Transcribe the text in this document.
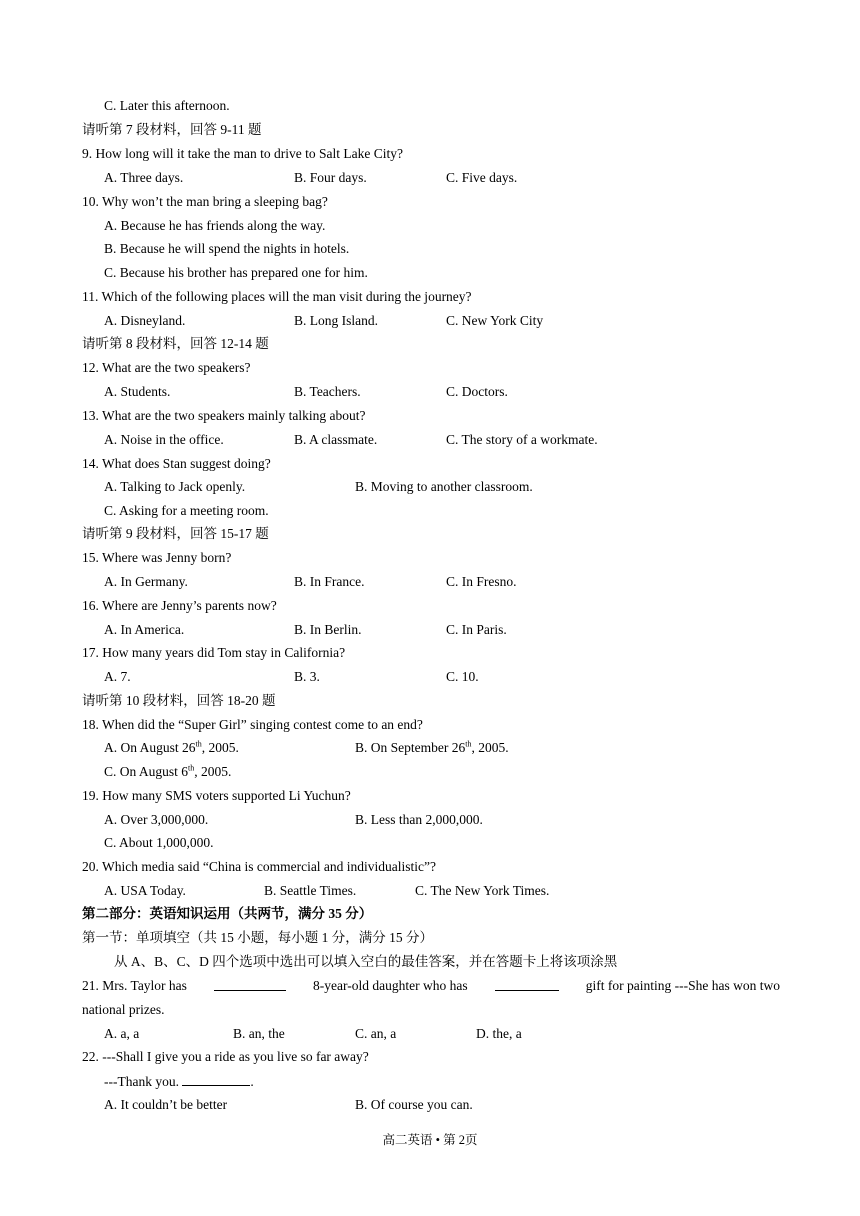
C. Later this afternoon.
请听第 7 段材料，回答 9-11 题
9. How long will it take the man to drive to Salt Lake City?
A. Three days.	B. Four days.	C. Five days.
10. Why won’t the man bring a sleeping bag?
A. Because he has friends along the way.
B. Because he will spend the nights in hotels.
C. Because his brother has prepared one for him.
11. Which of the following places will the man visit during the journey?
A. Disneyland.	B. Long Island.	C. New York City
请听第 8 段材料，回答 12-14 题
12. What are the two speakers?
A. Students.	B. Teachers.	C. Doctors.
13. What are the two speakers mainly talking about?
A. Noise in the office.	B. A classmate.	C. The story of a workmate.
14. What does Stan suggest doing?
A. Talking to Jack openly.	B. Moving to another classroom.
C. Asking for a meeting room.
请听第 9 段材料，回答 15-17 题
15. Where was Jenny born?
A. In Germany.	B. In France.	C. In Fresno.
16. Where are Jenny’s parents now?
A. In America.	B. In Berlin.	C. In Paris.
17. How many years did Tom stay in California?
A. 7.	B. 3.	C. 10.
请听第 10 段材料，回答 18-20 题
18. When did the “Super Girl” singing contest come to an end?
A. On August 26th, 2005.	B. On September 26th, 2005.
C. On August 6th, 2005.
19. How many SMS voters supported Li Yuchun?
A. Over 3,000,000.	B. Less than 2,000,000.
C. About 1,000,000.
20. Which media said “China is commercial and individualistic”?
A. USA Today.	B. Seattle Times.	C. The New York Times.
第二部分：英语知识运用（共两节，满分 35 分）
第一节：单项填空（共 15 小题，每小题 1 分，满分 15 分）
从 A、B、C、D 四个选项中选出可以填入空白的最佳答案，并在答题卡上将该项涂黑
21. Mrs. Taylor has	8-year-old daughter who has	gift for painting ---She has won two
national prizes.
A. a, a	B. an, the	C. an, a	D. the, a
22. ---Shall I give you a ride as you live so far away?
---Thank you.	.
A. It couldn’t be better	B. Of course you can.
高二英语 • 第 2页
